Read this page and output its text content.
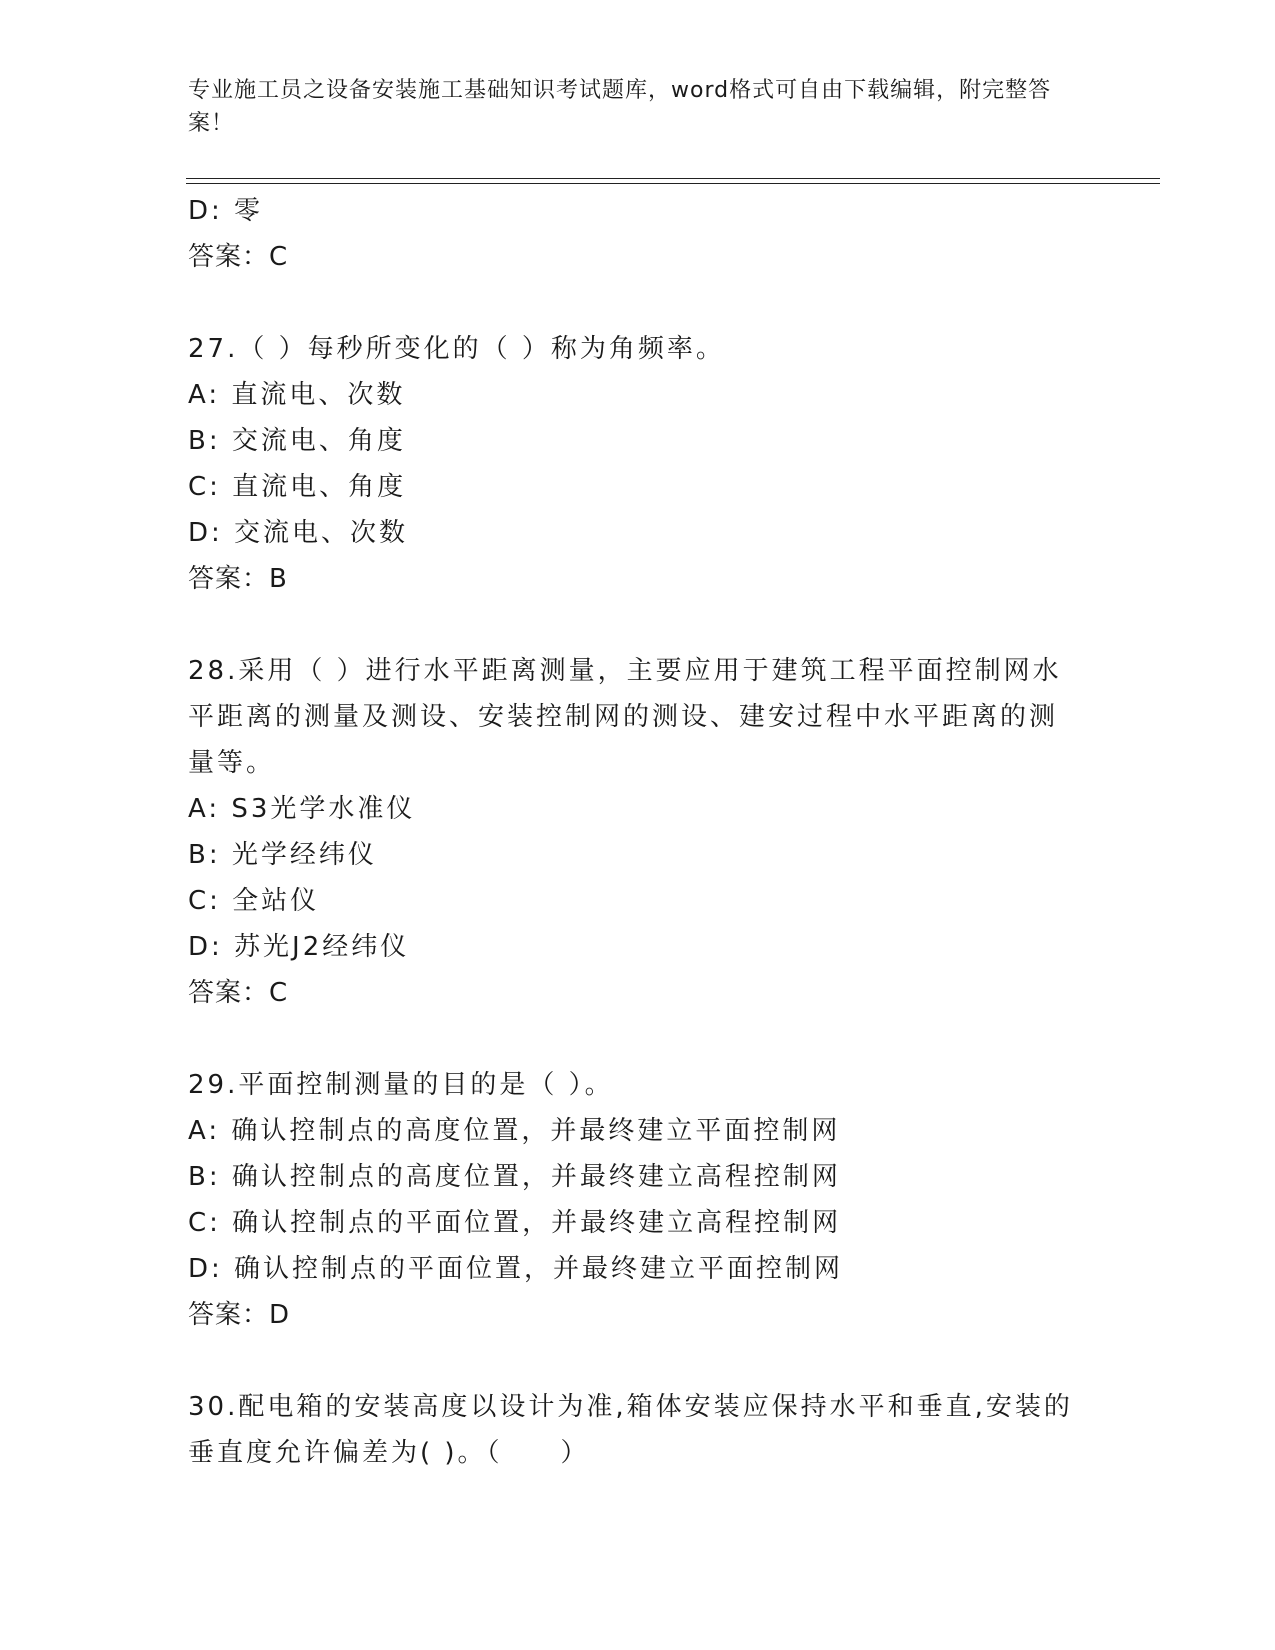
专业施工员之设备安装施工基础知识考试题库，word格式可自由下载编辑，附完整答案！
D: 零
答案：C
27.（ ）每秒所变化的（ ）称为角频率。
A: 直流电、次数
B: 交流电、角度
C: 直流电、角度
D: 交流电、次数
答案：B
28.采用（ ）进行水平距离测量，主要应用于建筑工程平面控制网水
平距离的测量及测设、安装控制网的测设、建安过程中水平距离的测
量等。
A: S3光学水准仪
B: 光学经纬仪
C: 全站仪
D: 苏光J2经纬仪
答案：C
29.平面控制测量的目的是（ ）。
A: 确认控制点的高度位置，并最终建立平面控制网
B: 确认控制点的高度位置，并最终建立高程控制网
C: 确认控制点的平面位置，并最终建立高程控制网
D: 确认控制点的平面位置，并最终建立平面控制网
答案：D
30.配电箱的安装高度以设计为准,箱体安装应保持水平和垂直,安装的
垂直度允许偏差为( )。（　　）
